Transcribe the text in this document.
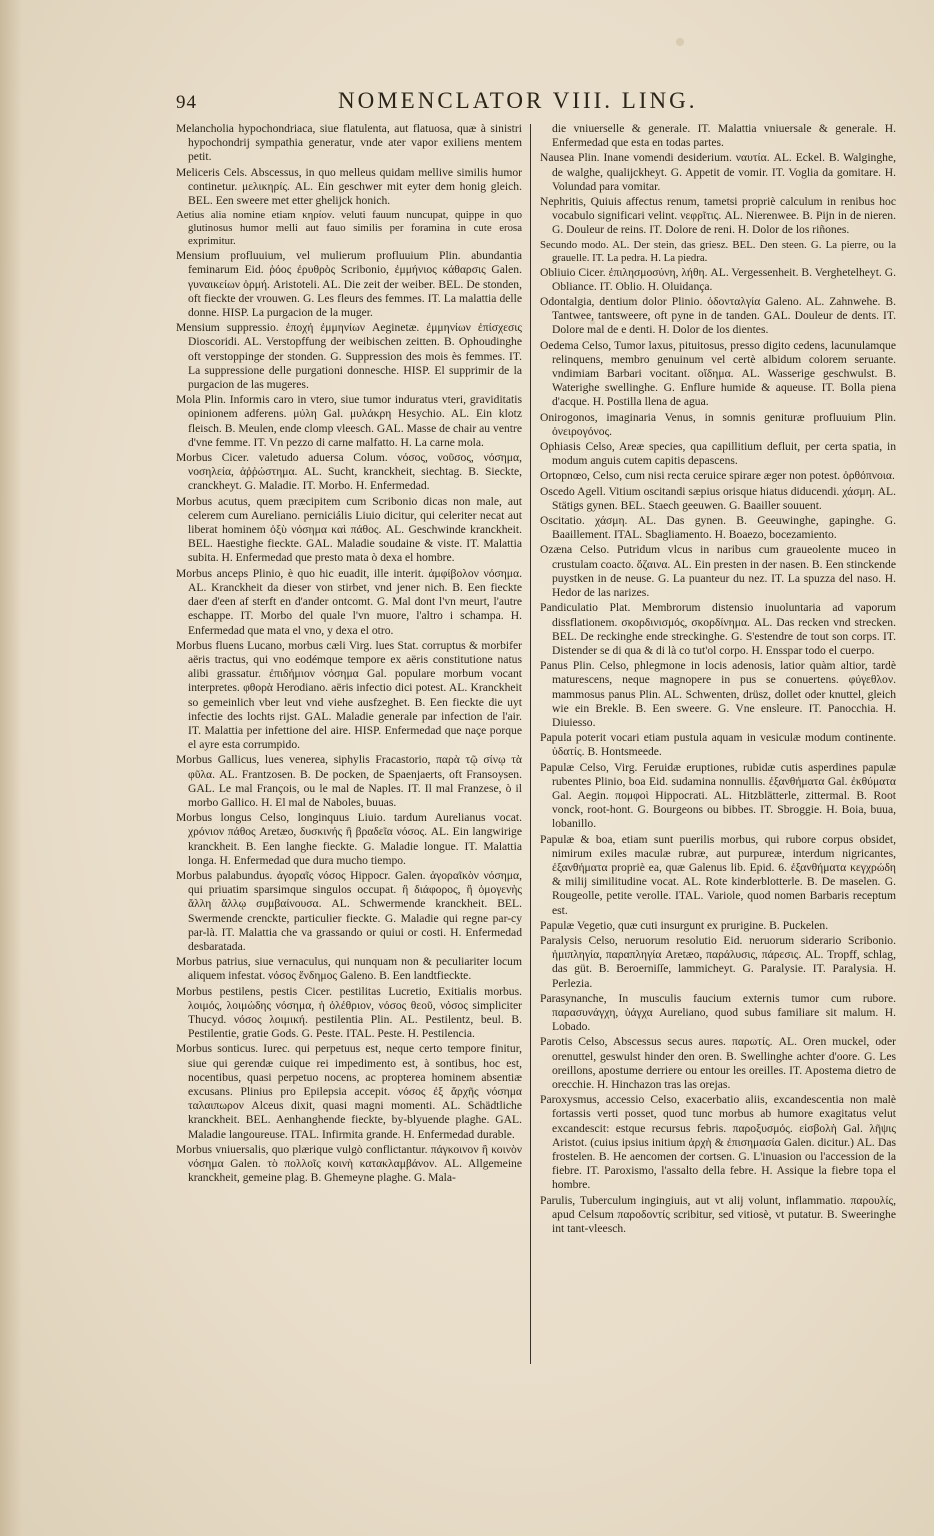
94	NOMENCLATOR VIII. LING.

Melancholia hypochondriaca, siue flatulenta, aut flatuosa, quæ à sinistri hypochondrij sympathia generatur, vnde ater vapor exiliens mentem petit.

Meliceris Cels. Abscessus, in quo melleus quidam mellive similis humor continetur. μελικηρίς. AL. Ein geschwer mit eyter dem honig gleich. BEL. Een sweere met etter ghelijck honich.

Aetius alia nomine etiam κηρίον. veluti fauum nuncupat, quippe in quo glutinosus humor melli aut fauo similis per foramina in cute erosa exprimitur.

Mensium profluuium, vel mulierum profluuium Plin. abundantia feminarum Eid. ῥόος ἐρυθρὸς Scribonio, ἐμμήνιος κάθαρσις Galen. γυναικείων ὁρμή. Aristoteli. AL. Die zeit der weiber. BEL. De stonden, oft fieckte der vrouwen. G. Les fleurs des femmes. IT. La malattia delle donne. HISP. La purgacion de la muger.

Mensium suppressio. ἐποχή ἐμμηνίων Aeginetæ. ἐμμηνίων ἐπίσχεσις Dioscoridi. AL. Verstopffung der weibischen zeitten. B. Ophoudinghe oft verstoppinge der stonden. G. Suppression des mois ès femmes. IT. La suppressione delle purgationi donnesche. HISP. El supprimir de la purgacion de las mugeres.

Mola Plin. Informis caro in vtero, siue tumor induratus vteri, graviditatis opinionem adferens. μύλη Gal. μυλάκρη Hesychio. AL. Ein klotz fleisch. B. Meulen, ende clomp vleesch. GAL. Masse de chair au ventre d'vne femme. IT. Vn pezzo di carne malfatto. H. La carne mola.

Morbus Cicer. valetudo aduersa Colum. νόσος, νοῦσος, νόσημα, νοσηλεία, ἀῤῥώστημα. AL. Sucht, kranckheit, siechtag. B. Sieckte, cranckheyt. G. Maladie. IT. Morbo. H. Enfermedad.

Morbus acutus, quem præcipitem cum Scribonio dicas non male, aut celerem cum Aureliano. perniciális Liuio dicitur, qui celeriter necat aut liberat hominem ὀξὺ νόσημα καὶ πάθος. AL. Geschwinde kranckheit. BEL. Haestighe fieckte. GAL. Maladie soudaine & viste. IT. Malattia subita. H. Enfermedad que presto mata ò dexa el hombre.

Morbus anceps Plinio, è quo hic euadit, ille interit. ἀμφίβολον νόσημα. AL. Kranckheit da dieser von stirbet, vnd jener nich. B. Een fieckte daer d'een af sterft en d'ander ontcomt. G. Mal dont l'vn meurt, l'autre eschappe. IT. Morbo del quale l'vn muore, l'altro i schampa. H. Enfermedad que mata el vno, y dexa el otro.

Morbus fluens Lucano, morbus cæli Virg. lues Stat. corruptus & morbifer aëris tractus, qui vno eodémque tempore ex aëris constitutione natus alibi grassatur. ἐπιδήμιον νόσημα Gal. populare morbum vocant interpretes. φθορὰ Herodiano. aëris infectio dici potest. AL. Kranckheit so gemeinlich vber leut vnd viehe ausfzeghet. B. Een fieckte die uyt infectie des lochts rijst. GAL. Maladie generale par infection de l'air. IT. Malattia per infettione del aire. HISP. Enfermedad que naçe porque el ayre esta corrumpido.

Morbus Gallicus, lues venerea, siphylis Fracastorio, παρὰ τῷ σίνῳ τὰ φῦλα. AL. Frantzosen. B. De pocken, de Spaenjaerts, oft Fransoysen. GAL. Le mal François, ou le mal de Naples. IT. Il mal Franzese, ò il morbo Gallico. H. El mal de Naboles, buuas.

Morbus longus Celso, longinquus Liuio. tardum Aurelianus vocat. χρόνιον πάθος Aretæo, δυσκινής ἢ βραδεῖα νόσος. AL. Ein langwirige kranckheit. B. Een langhe fieckte. G. Maladie longue. IT. Malattia longa. H. Enfermedad que dura mucho tiempo.

Morbus palabundus. ἀγοραῖς νόσος Hippocr. Galen. ἀγοραῖκὸν νόσημα, qui priuatim sparsimque singulos occupat. ἢ διάφορος, ἢ ὁμογενὴς ἄλλη ἄλλῳ συμβαίνουσα. AL. Schwermende kranckheit. BEL. Swermende crenckte, particulier fieckte. G. Maladie qui regne par-cy par-là. IT. Malattia che va grassando or quiui or costi. H. Enfermedad desbaratada.

Morbus patrius, siue vernaculus, qui nunquam non & peculiariter locum aliquem infestat. νόσος ἔνδημος Galeno. B. Een landtfieckte.

Morbus pestilens, pestis Cicer. pestilitas Lucretio, Exitialis morbus. λοιμός, λοιμώδης νόσημα, ἡ ὀλέθριον, νόσος θεοῦ, νόσος simpliciter Thucyd. νόσος λοιμική. pestilentia Plin. AL. Pestilentz, beul. B. Pestilentie, gratie Gods. G. Peste. ITAL. Peste. H. Pestilencia.

Morbus sonticus. Iurec. qui perpetuus est, neque certo tempore finitur, siue qui gerendæ cuique rei impedimento est, à sontibus, hoc est, nocentibus, quasi perpetuo nocens, ac propterea hominem absentiæ excusans. Plinius pro Epilepsia accepit. νόσος ἐξ ἄρχῆς νόσημα ταλαιπωρον Alceus dixit, quasi magni momenti. AL. Schädtliche kranckheit. BEL. Aenhanghende fieckte, by-blyuende plaghe. GAL. Maladie langoureuse. ITAL. Infirmita grande. H. Enfermedad durable.

Morbus vniuersalis, quo plærique vulgò conflictantur. πάγκοινον ἢ κοινὸν νόσημα Galen. τὸ πολλοῖς κοινὴ κατακλαμβάνον. AL. Allgemeine kranckheit, gemeine plag. B. Ghemeyne plaghe. G. Mala-

die vniuerselle & generale. IT. Malattia vniuersale & generale. H. Enfermedad que esta en todas partes.

Nausea Plin. Inane vomendi desiderium. ναυτία. AL. Eckel. B. Walginghe, de walghe, qualijckheyt. G. Appetit de vomir. IT. Voglia da gomitare. H. Volundad para vomitar.

Nephritis, Quiuis affectus renum, tametsi propriè calculum in renibus hoc vocabulo significari velint. νεφρῖτις. AL. Nierenwee. B. Pijn in de nieren. G. Douleur de reins. IT. Dolore de reni. H. Dolor de los riñones.

Secundo modo. AL. Der stein, das griesz. BEL. Den steen. G. La pierre, ou la grauelle. IT. La pedra. H. La piedra.

Obliuio Cicer. ἐπιλησμοσύνη, λήθη. AL. Vergessenheit. B. Verghetelheyt. G. Obliance. IT. Oblio. H. Oluidança.

Odontalgia, dentium dolor Plinio. ὀδονταλγία Galeno. AL. Zahnwehe. B. Tantwee, tantsweere, oft pyne in de tanden. GAL. Douleur de dents. IT. Dolore mal de e denti. H. Dolor de los dientes.

Oedema Celso, Tumor laxus, pituitosus, presso digito cedens, lacunulamque relinquens, membro genuinum vel certè albidum colorem seruante. vndimiam Barbari vocitant. οἴδημα. AL. Wasserige geschwulst. B. Waterighe swellinghe. G. Enflure humide & aqueuse. IT. Bolla piena d'acque. H. Postilla llena de agua.

Onirogonos, imaginaria Venus, in somnis genituræ profluuium Plin. ὀνειρογόνος.

Ophiasis Celso, Areæ species, qua capillitium defluit, per certa spatia, in modum anguis cutem capitis depascens.

Ortopnœo, Celso, cum nisi recta ceruice spirare æger non potest. ὀρθόπνοια.

Oscedo Agell. Vitium oscitandi sæpius orisque hiatus diducendi. χάσμη. AL. Stätigs gynen. BEL. Staech geeuwen. G. Baailler souuent.

Oscitatio. χάσμη. AL. Das gynen. B. Geeuwinghe, gapinghe. G. Baaillement. ITAL. Sbagliamento. H. Boaezo, bocezamiento.

Ozæna Celso. Putridum vlcus in naribus cum graueolente muceo in crustulam coacto. ὄζαινα. AL. Ein presten in der nasen. B. Een stinckende puystken in de neuse. G. La puanteur du nez. IT. La spuzza del naso. H. Hedor de las narizes.

Pandiculatio Plat. Membrorum distensio inuoluntaria ad vaporum dissflationem. σκορδινισμός, σκορδίνημα. AL. Das recken vnd strecken. BEL. De reckinghe ende streckinghe. G. S'estendre de tout son corps. IT. Distender se di qua & di là co tut'ol corpo. H. Ensspar todo el cuerpo.

Panus Plin. Celso, phlegmone in locis adenosis, latior quàm altior, tardè maturescens, neque magnopere in pus se conuertens. φύγεθλον. mammosus panus Plin. AL. Schwenten, drüsz, dollet oder knuttel, gleich wie ein Brekle. B. Een sweere. G. Vne ensleure. IT. Panocchia. H. Diuiesso.

Papula poterit vocari etiam pustula aquam in vesiculæ modum continente. ὑδατίς. B. Hontsmeede.

Papulæ Celso, Virg. Feruidæ eruptiones, rubidæ cutis asperdines papulæ rubentes Plinio, boa Eid. sudamina nonnullis. ἐξανθήματα Gal. ἐκθύματα Gal. Aegin. πομφοὶ Hippocrati. AL. Hitzblätterle, zittermal. B. Root vonck, root-hont. G. Bourgeons ou bibbes. IT. Sbroggie. H. Boia, buua, lobanillo.

Papulæ & boa, etiam sunt puerilis morbus, qui rubore corpus obsidet, nimirum exiles maculæ rubræ, aut purpureæ, interdum nigricantes, ἐξανθήματα propriè ea, quæ Galenus lib. Epid. 6. ἐξανθήματα κεγχρώδη & milij similitudine vocat. AL. Rote kinderblotterle. B. De maselen. G. Rougeolle, petite verolle. ITAL. Variole, quod nomen Barbaris receptum est.

Papulæ Vegetio, quæ cuti insurgunt ex prurigine. B. Puckelen.

Paralysis Celso, neruorum resolutio Eid. neruorum siderario Scribonio. ἡμιπληγία, παραπληγία Aretæo, παράλυσις, πάρεσις. AL. Tropff, schlag, das güt. B. Beroerniſſe, lammicheyt. G. Paralysie. IT. Paralysia. H. Perlezia.

Parasynanche, In musculis faucium externis tumor cum rubore. παρασυνάγχη, ὑάγχα Aureliano, quod subus familiare sit malum. H. Lobado.

Parotis Celso, Abscessus secus aures. παρωτίς. AL. Oren muckel, oder orenuttel, geswulst hinder den oren. B. Swellinghe achter d'oore. G. Les oreillons, apostume derriere ou entour les oreilles. IT. Apostema dietro de orecchie. H. Hinchazon tras las orejas.

Paroxysmus, accessio Celso, exacerbatio aliis, excandescentia non malè fortassis verti posset, quod tunc morbus ab humore exagitatus velut excandescit: estque recursus febris. παροξυσμός. εἰσβολὴ Gal. λῆψις Aristot. (cuius ipsius initium ἀρχὴ & ἐπισημασία Galen. dicitur.) AL. Das frostelen. B. He aencomen der cortsen. G. L'inuasion ou l'accession de la fiebre. IT. Paroxismo, l'assalto della febre. H. Assique la fiebre topa el hombre.

Parulis, Tuberculum ingingiuis, aut vt alij volunt, inflammatio. παρουλίς, apud Celsum παροδοντίς scribitur, sed vitiosè, vt putatur. B. Sweeringhe int tant-vleesch.
